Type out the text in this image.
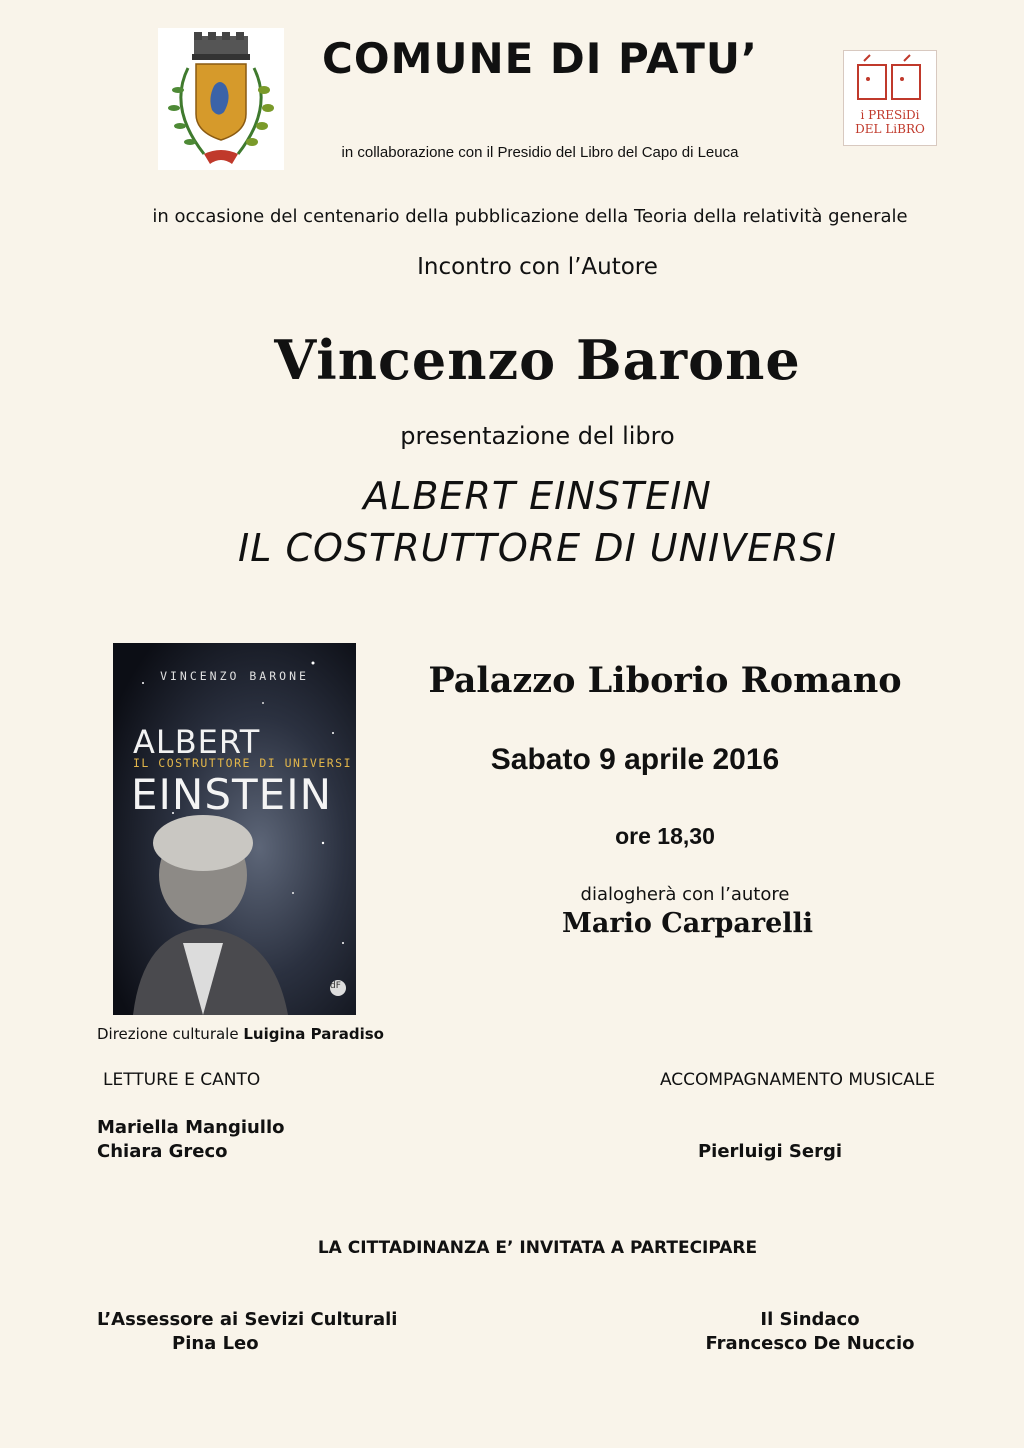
i PRESiDi
DEL LiBRO
COMUNE DI PATU’
in collaborazione con il Presidio del Libro del Capo di Leuca
in occasione del centenario della pubblicazione della Teoria della relatività generale
Incontro con l’Autore
Vincenzo Barone
presentazione del libro
ALBERT EINSTEIN
IL COSTRUTTORE DI UNIVERSI
VINCENZO BARONE
ALBERT
IL COSTRUTTORE DI UNIVERSI
EINSTEIN
dF
Palazzo Liborio Romano
Sabato 9 aprile 2016
ore 18,30
dialogherà con l’autore
Mario Carparelli
Direzione culturale Luigina Paradiso
LETTURE E CANTO	ACCOMPAGNAMENTO MUSICALE
Mariella Mangiullo
Chiara Greco	Pierluigi Sergi
LA CITTADINANZA E’ INVITATA A PARTECIPARE
L’Assessore ai Sevizi Culturali
Pina Leo
Il Sindaco
Francesco De Nuccio
